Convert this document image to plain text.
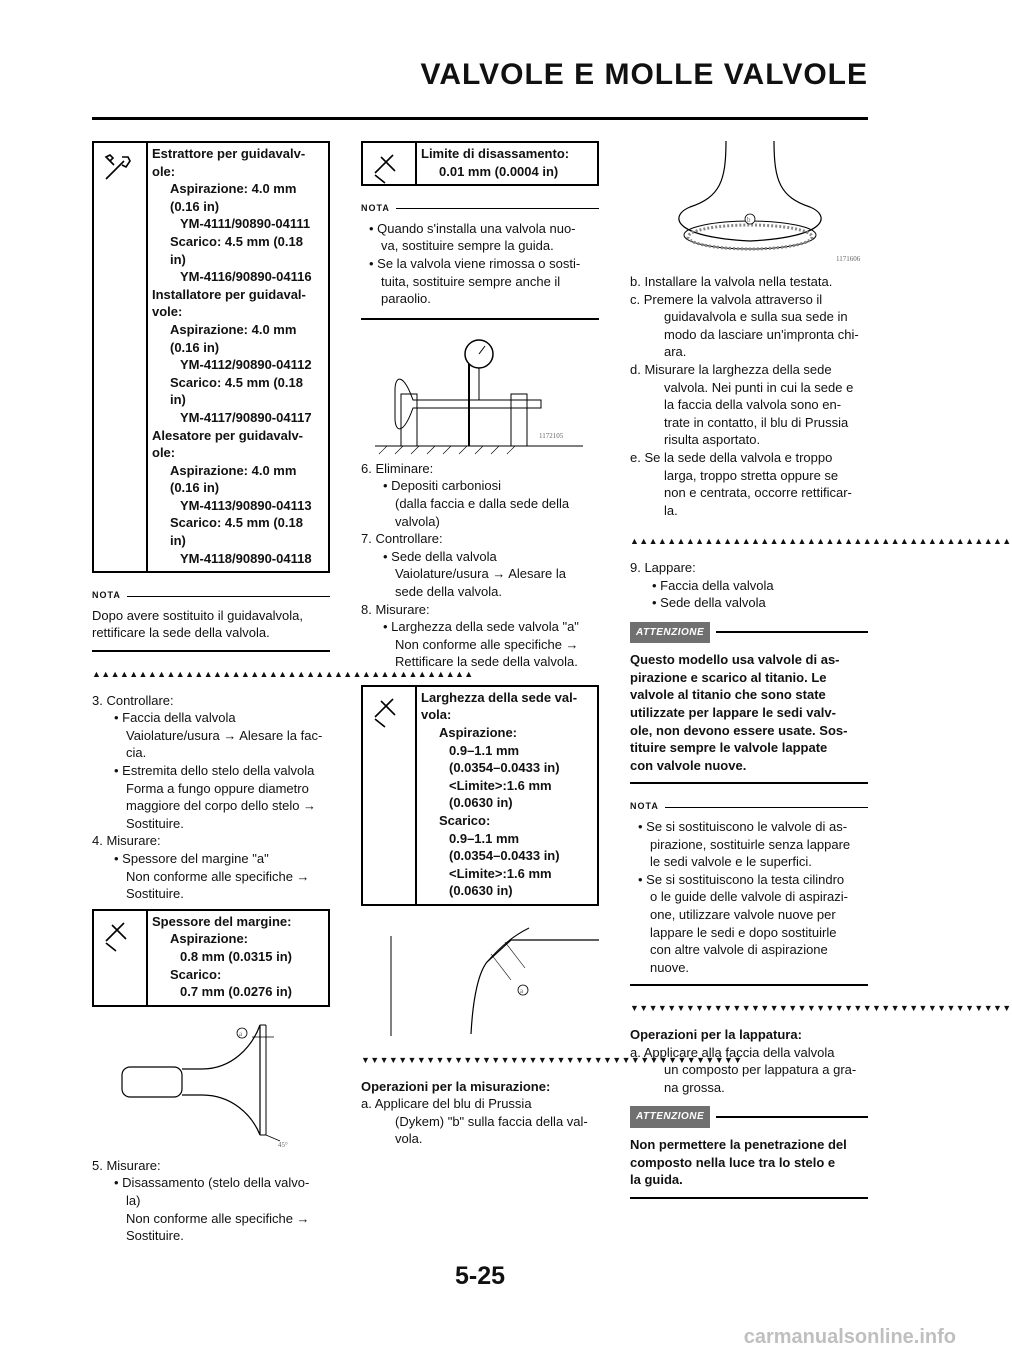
VALVOLE E MOLLE VALVOLE
Estrattore per guidavalv-
ole:
Aspirazione: 4.0 mm
(0.16 in)
YM-4111/90890-04111
Scarico: 4.5 mm (0.18
in)
YM-4116/90890-04116
Installatore per guidaval-
vole:
Aspirazione: 4.0 mm
(0.16 in)
YM-4112/90890-04112
Scarico: 4.5 mm (0.18
in)
YM-4117/90890-04117
Alesatore per guidavalv-
ole:
Aspirazione: 4.0 mm
(0.16 in)
YM-4113/90890-04113
Scarico: 4.5 mm (0.18
in)
YM-4118/90890-04118
NOTA
Dopo avere sostituito il guidavalvola,
rettificare la sede della valvola.
▲▲▲▲▲▲▲▲▲▲▲▲▲▲▲▲▲▲▲▲▲▲▲▲▲▲▲▲▲▲▲▲▲▲▲▲▲▲▲▲▲
3. Controllare:
• Faccia della valvola
Vaiolature/usura → Alesare la fac-
cia.
• Estremita dello stelo della valvola
Forma a fungo oppure diametro
maggiore del corpo dello stelo →
Sostituire.
4. Misurare:
• Spessore del margine "a"
Non conforme alle specifiche →
Sostituire.
Spessore del margine:
Aspirazione:
0.8 mm (0.0315 in)
Scarico:
0.7 mm (0.0276 in)
a
45°
5. Misurare:
• Disassamento (stelo della valvo-
la)
Non conforme alle specifiche →
Sostituire.
Limite di disassamento:
0.01 mm (0.0004 in)
NOTA
• Quando s'installa una valvola nuo-
va, sostituire sempre la guida.
• Se la valvola viene rimossa o sosti-
tuita, sostituire sempre anche il
paraolio.
1172105
6. Eliminare:
• Depositi carboniosi
(dalla faccia e dalla sede della
valvola)
7. Controllare:
• Sede della valvola
Vaiolature/usura → Alesare la
sede della valvola.
8. Misurare:
• Larghezza della sede valvola "a"
Non conforme alle specifiche →
Rettificare la sede della valvola.
Larghezza della sede val-
vola:
Aspirazione:
0.9–1.1 mm
(0.0354–0.0433 in)
<Limite>:1.6 mm
(0.0630 in)
Scarico:
0.9–1.1 mm
(0.0354–0.0433 in)
<Limite>:1.6 mm
(0.0630 in)
a
▼▼▼▼▼▼▼▼▼▼▼▼▼▼▼▼▼▼▼▼▼▼▼▼▼▼▼▼▼▼▼▼▼▼▼▼▼▼▼▼▼
Operazioni per la misurazione:
a. Applicare del blu di Prussia
(Dykem) "b" sulla faccia della val-
vola.
b
1171606
b. Installare la valvola nella testata.
c. Premere la valvola attraverso il
guidavalvola e sulla sua sede in
modo da lasciare un'impronta chi-
ara.
d. Misurare la larghezza della sede
valvola. Nei punti in cui la sede e
la faccia della valvola sono en-
trate in contatto, il blu di Prussia
risulta asportato.
e. Se la sede della valvola e troppo
larga, troppo stretta oppure se
non e centrata, occorre rettificar-
la.
▲▲▲▲▲▲▲▲▲▲▲▲▲▲▲▲▲▲▲▲▲▲▲▲▲▲▲▲▲▲▲▲▲▲▲▲▲▲▲▲▲
9. Lappare:
• Faccia della valvola
• Sede della valvola
ATTENZIONE
Questo modello usa valvole di as-
pirazione e scarico al titanio. Le
valvole al titanio che sono state
utilizzate per lappare le sedi valv-
ole, non devono essere usate. Sos-
tituire sempre le valvole lappate
con valvole nuove.
NOTA
• Se si sostituiscono le valvole di as-
pirazione, sostituirle senza lappare
le sedi valvole e le superfici.
• Se si sostituiscono la testa cilindro
o le guide delle valvole di aspirazi-
one, utilizzare valvole nuove per
lappare le sedi e dopo sostituirle
con altre valvole di aspirazione
nuove.
▼▼▼▼▼▼▼▼▼▼▼▼▼▼▼▼▼▼▼▼▼▼▼▼▼▼▼▼▼▼▼▼▼▼▼▼▼▼▼▼▼
Operazioni per la lappatura:
a. Applicare alla faccia della valvola
un composto per lappatura a gra-
na grossa.
ATTENZIONE
Non permettere la penetrazione del
composto nella luce tra lo stelo e
la guida.
5-25
carmanualsonline.info
